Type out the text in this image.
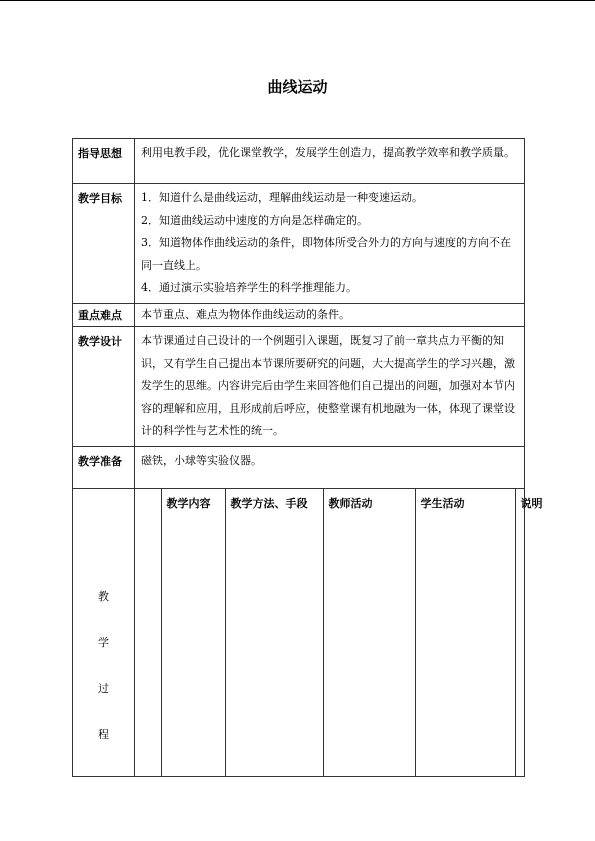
曲线运动
指导思想	利用电教手段，优化课堂教学，发展学生创造力，提高教学效率和教学质量。

教学目标	1．知道什么是曲线运动，理解曲线运动是一种变速运动。
2．知道曲线运动中速度的方向是怎样确定的。
3．知道物体作曲线运动的条件，即物体所受合外力的方向与速度的方向不在同一直线上。
4．通过演示实验培养学生的科学推理能力。

重点难点	本节重点、难点为物体作曲线运动的条件。

教学设计	本节课通过自己设计的一个例题引入课题，既复习了前一章共点力平衡的知识，又有学生自己提出本节课所要研究的问题，大大提高学生的学习兴趣，激发学生的思维。内容讲完后由学生来回答他们自己提出的问题，加强对本节内容的理解和应用，且形成前后呼应，使整堂课有机地融为一体，体现了课堂设计的科学性与艺术性的统一。

教学准备	磁铁，小球等实验仪器。

教
学
过
程

	教学内容	教学方法、手段	教师活动	学生活动	说明
